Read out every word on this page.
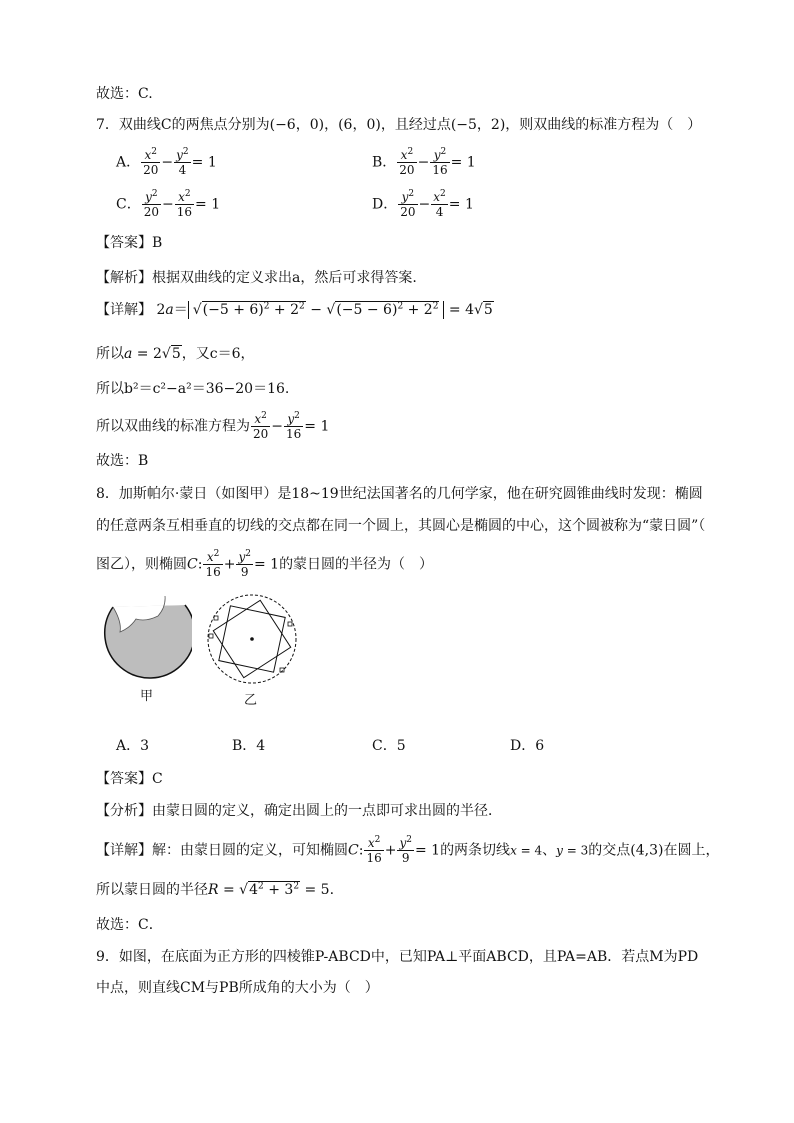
故选：C.
7．双曲线C的两焦点分别为(−6，0)，(6，0)，且经过点(−5，2)，则双曲线的标准方程为（　）
A． $\frac{x^2}{20} - \frac{y^2}{4} = 1$	B． $\frac{x^2}{20} - \frac{y^2}{16} = 1$
C． $\frac{y^2}{20} - \frac{x^2}{16} = 1$	D． $\frac{y^2}{20} - \frac{x^2}{4} = 1$
【答案】B
【解析】根据双曲线的定义求出a，然后可求得答案.
【详解】 $2a= √(-5 + 6)^2 + 2^2 - √(-5 - 6)^2 + 2^2 = 4√5$
所以a = 2√5，又c＝6，
所以b²＝c²−a²＝36−20＝16.
所以双曲线的标准方程为 $\frac{x^2}{20} - \frac{y^2}{16} = 1$
故选：B
8．加斯帕尔·蒙日（如图甲）是18~19世纪法国著名的几何学家，他在研究圆锥曲线时发现：椭圆
的任意两条互相垂直的切线的交点都在同一个圆上，其圆心是椭圆的中心，这个圆被称为“蒙日圆”（
图乙），则椭圆C: $\frac{x^2}{16} + \frac{y^2}{9} = 1$的蒙日圆的半径为（　）
甲	乙
A．3	B．4	C．5	D．6
【答案】C
【分析】由蒙日圆的定义，确定出圆上的一点即可求出圆的半径．
【详解】解：由蒙日圆的定义，可知椭圆C: $\frac{x^2}{16} + \frac{y^2}{9} = 1$的两条切线x = 4、y = 3的交点(4,3)在圆上，
所以蒙日圆的半径$R = √4^2 + 3^2 = 5$.
故选：C．
9．如图，在底面为正方形的四棱锥P-ABCD中，已知PA⊥平面ABCD，且PA=AB．若点M为PD
中点，则直线CM与PB所成角的大小为（　）
